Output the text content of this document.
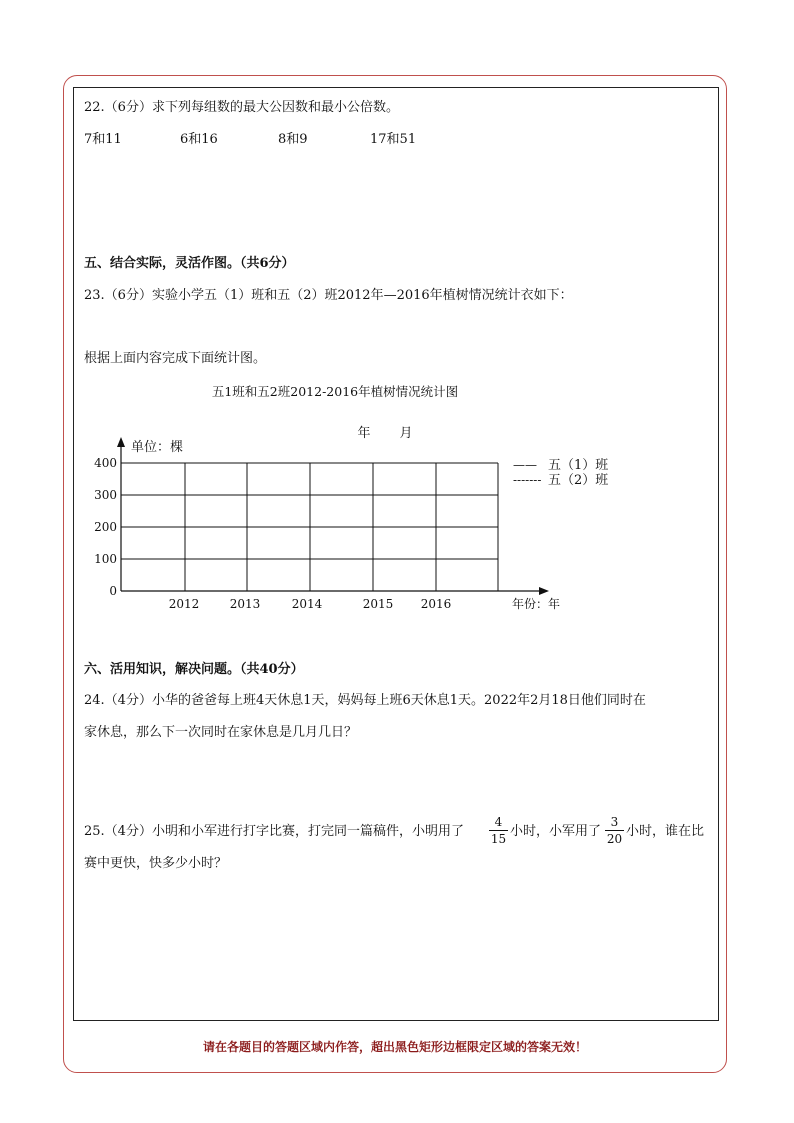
22.（6分）求下列每组数的最大公因数和最小公倍数。
7和11	6和16	8和9	17和51
五、结合实际，灵活作图。（共6分）
23.（6分）实验小学五（1）班和五（2）班2012年—2016年植树情况统计衣如下：
根据上面内容完成下面统计图。
五1班和五2班2012-2016年植树情况统计图
年 月
单位：棵
年份：年
0
100
200
300
400
2012	2013	2014	2015 2016
—— 五（1）班
------- 五（2）班
六、活用知识，解决问题。（共40分）
24.（4分）小华的爸爸每上班4天休息1天，妈妈每上班6天休息1天。2022年2月18日他们同时在
家休息，那么下一次同时在家休息是几月几日？
25.（4分）小明和小军进行打字比赛，打完同一篇稿件，小明用了
4
15 小时，小军用了
3
20 小时，谁在比
赛中更快，快多少小时？
请在各题目的答题区域内作答，超出黑色矩形边框限定区域的答案无效！
